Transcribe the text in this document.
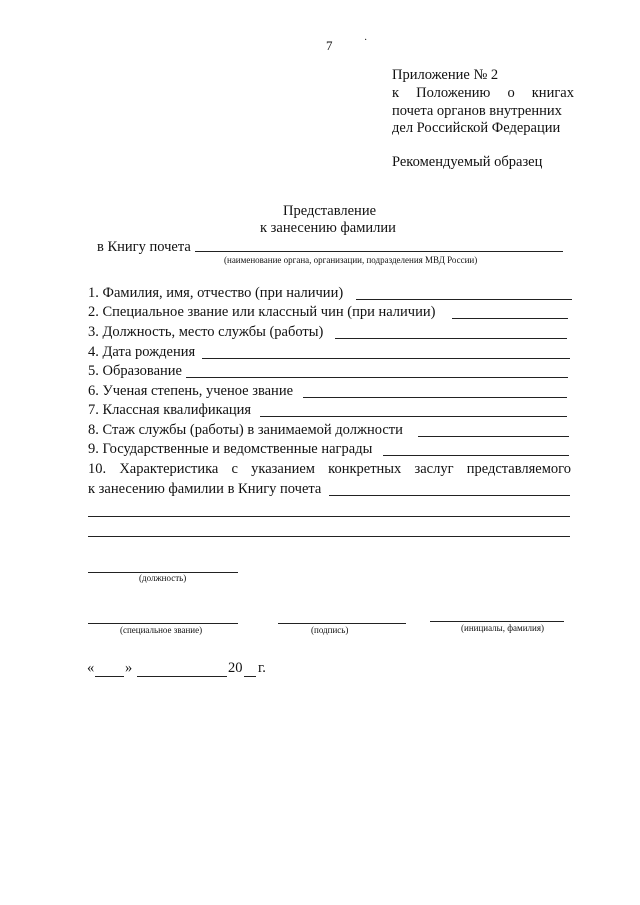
7	·
Приложение № 2
к Положению о книгах
почета органов внутренних
дел Российской Федерации
Рекомендуемый образец
Представление
к занесению фамилии
в Книгу почета
(наименование органа, организации, подразделения МВД России)
1. Фамилия, имя, отчество (при наличии)
2. Специальное звание или классный чин (при наличии)
3. Должность, место службы (работы)
4. Дата рождения
5. Образование
6. Ученая степень, ученое звание
7. Классная квалификация
8. Стаж службы (работы) в занимаемой должности
9. Государственные и ведомственные награды
10. Характеристика с указанием конкретных заслуг представляемого
к занесению фамилии в Книгу почета
(должность)
(специальное звание)	(подпись)	(инициалы, фамилия)
« »	20 г.
